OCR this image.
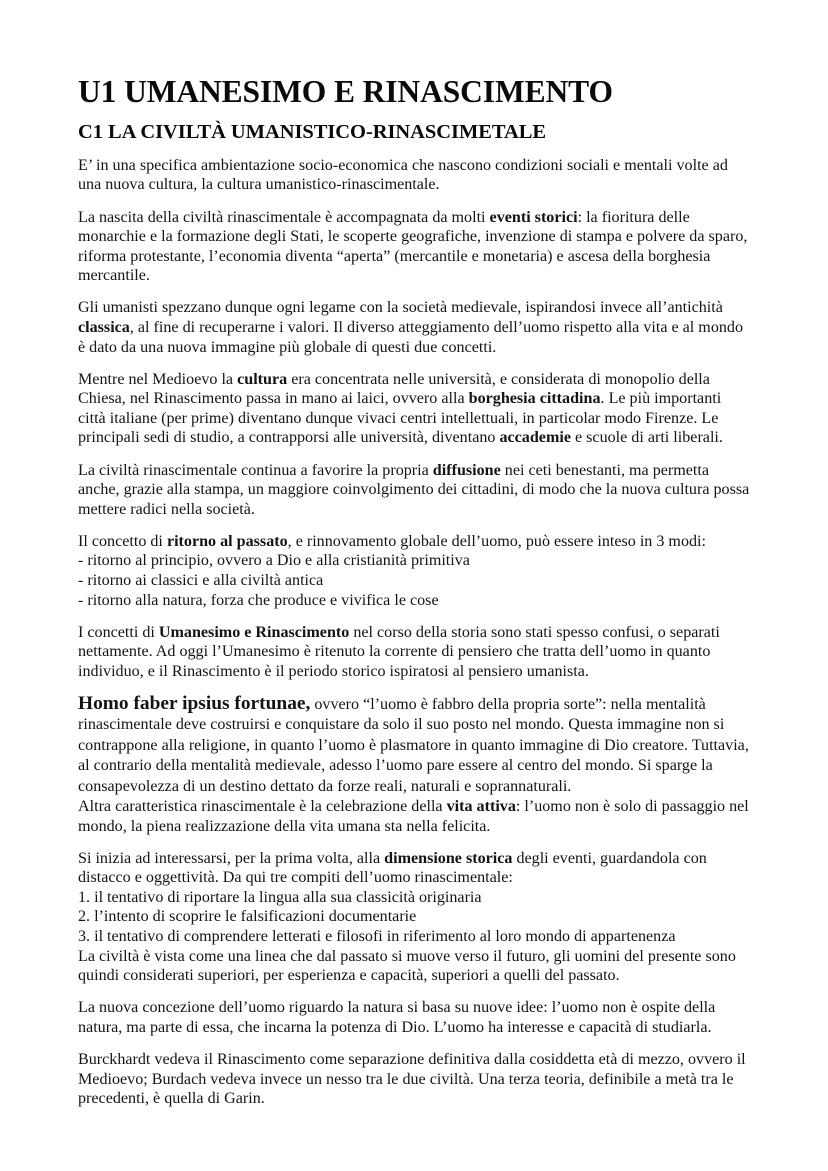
U1 UMANESIMO E RINASCIMENTO
C1 LA CIVILTÀ UMANISTICO-RINASCIMETALE

E’ in una specifica ambientazione socio-economica che nascono condizioni sociali e mentali volte ad una nuova cultura, la cultura umanistico-rinascimentale.

La nascita della civiltà rinascimentale è accompagnata da molti eventi storici: la fioritura delle monarchie e la formazione degli Stati, le scoperte geografiche, invenzione di stampa e polvere da sparo, riforma protestante, l’economia diventa “aperta” (mercantile e monetaria) e ascesa della borghesia mercantile.

Gli umanisti spezzano dunque ogni legame con la società medievale, ispirandosi invece all’antichità classica, al fine di recuperarne i valori. Il diverso atteggiamento dell’uomo rispetto alla vita e al mondo è dato da una nuova immagine più globale di questi due concetti.

Mentre nel Medioevo la cultura era concentrata nelle università, e considerata di monopolio della Chiesa, nel Rinascimento passa in mano ai laici, ovvero alla borghesia cittadina. Le più importanti città italiane (per prime) diventano dunque vivaci centri intellettuali, in particolar modo Firenze. Le principali sedi di studio, a contrapporsi alle università, diventano accademie e scuole di arti liberali.

La civiltà rinascimentale continua a favorire la propria diffusione nei ceti benestanti, ma permetta anche, grazie alla stampa, un maggiore coinvolgimento dei cittadini, di modo che la nuova cultura possa mettere radici nella società.

Il concetto di ritorno al passato, e rinnovamento globale dell’uomo, può essere inteso in 3 modi:

- ritorno al principio, ovvero a Dio e alla cristianità primitiva

- ritorno ai classici e alla civiltà antica

- ritorno alla natura, forza che produce e vivifica le cose

I concetti di Umanesimo e Rinascimento nel corso della storia sono stati spesso confusi, o separati nettamente. Ad oggi l’Umanesimo è ritenuto la corrente di pensiero che tratta dell’uomo in quanto individuo, e il Rinascimento è il periodo storico ispiratosi al pensiero umanista.

Homo faber ipsius fortunae, ovvero “l’uomo è fabbro della propria sorte”: nella mentalità rinascimentale deve costruirsi e conquistare da solo il suo posto nel mondo. Questa immagine non si contrappone alla religione, in quanto l’uomo è plasmatore in quanto immagine di Dio creatore. Tuttavia, al contrario della mentalità medievale, adesso l’uomo pare essere al centro del mondo. Si sparge la consapevolezza di un destino dettato da forze reali, naturali e soprannaturali.

Altra caratteristica rinascimentale è la celebrazione della vita attiva: l’uomo non è solo di passaggio nel mondo, la piena realizzazione della vita umana sta nella felicita.

Si inizia ad interessarsi, per la prima volta, alla dimensione storica degli eventi, guardandola con distacco e oggettività. Da qui tre compiti dell’uomo rinascimentale:

1. il tentativo di riportare la lingua alla sua classicità originaria

2. l’intento di scoprire le falsificazioni documentarie

3. il tentativo di comprendere letterati e filosofi in riferimento al loro mondo di appartenenza

La civiltà è vista come una linea che dal passato si muove verso il futuro, gli uomini del presente sono quindi considerati superiori, per esperienza e capacità, superiori a quelli del passato.

La nuova concezione dell’uomo riguardo la natura si basa su nuove idee: l’uomo non è ospite della natura, ma parte di essa, che incarna la potenza di Dio. L’uomo ha interesse e capacità di studiarla.

Burckhardt vedeva il Rinascimento come separazione definitiva dalla cosiddetta età di mezzo, ovvero il Medioevo; Burdach vedeva invece un nesso tra le due civiltà. Una terza teoria, definibile a metà tra le precedenti, è quella di Garin.
